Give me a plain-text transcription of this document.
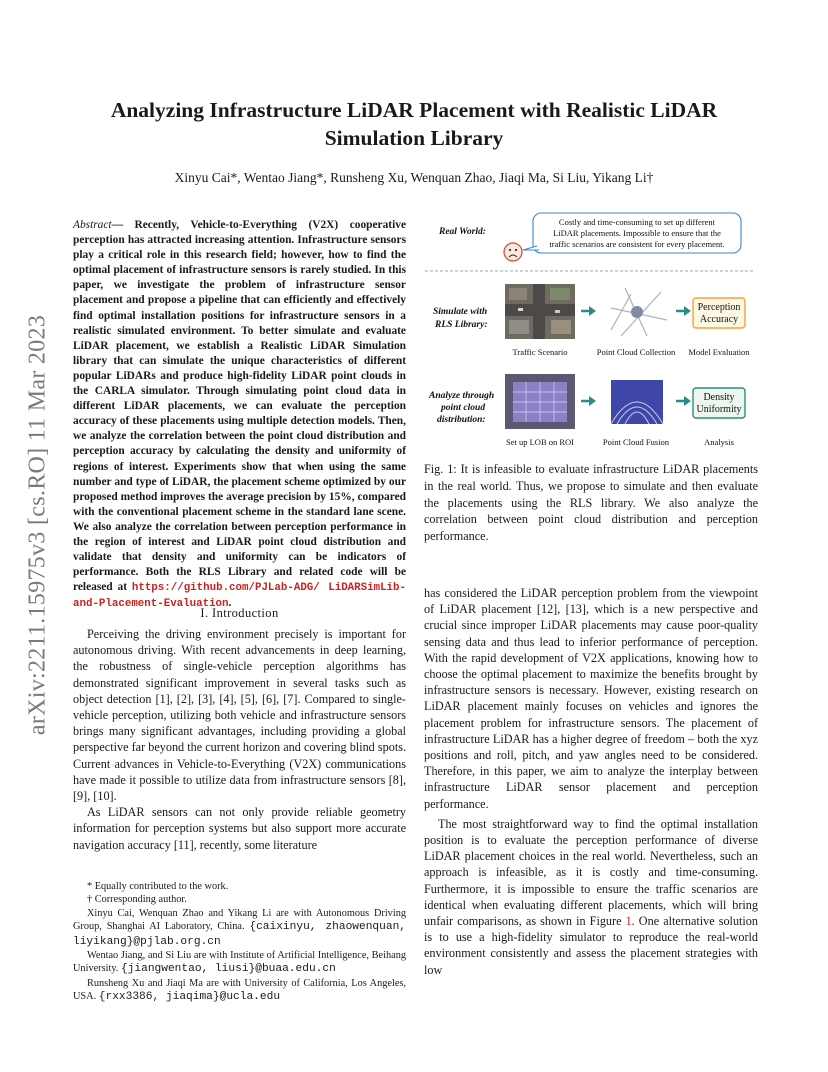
Analyzing Infrastructure LiDAR Placement with Realistic LiDAR Simulation Library
Xinyu Cai*, Wentao Jiang*, Runsheng Xu, Wenquan Zhao, Jiaqi Ma, Si Liu, Yikang Li†
arXiv:2211.15975v3 [cs.RO] 11 Mar 2023
Abstract— Recently, Vehicle-to-Everything (V2X) cooperative perception has attracted increasing attention. Infrastructure sensors play a critical role in this research field; however, how to find the optimal placement of infrastructure sensors is rarely studied. In this paper, we investigate the problem of infrastructure sensor placement and propose a pipeline that can efficiently and effectively find optimal installation positions for infrastructure sensors in a realistic simulated environment. To better simulate and evaluate LiDAR placement, we establish a Realistic LiDAR Simulation library that can simulate the unique characteristics of different popular LiDARs and produce high-fidelity LiDAR point clouds in the CARLA simulator. Through simulating point cloud data in different LiDAR placements, we can evaluate the perception accuracy of these placements using multiple detection models. Then, we analyze the correlation between the point cloud distribution and perception accuracy by calculating the density and uniformity of regions of interest. Experiments show that when using the same number and type of LiDAR, the placement scheme optimized by our proposed method improves the average precision by 15%, compared with the conventional placement scheme in the standard lane scene. We also analyze the correlation between perception performance in the region of interest and LiDAR point cloud distribution and validate that density and uniformity can be indicators of performance. Both the RLS Library and related code will be released at https://github.com/PJLab-ADG/ LiDARSimLib-and-Placement-Evaluation.
I. Introduction

Perceiving the driving environment precisely is important for autonomous driving. With recent advancements in deep learning, the robustness of single-vehicle perception algorithms has demonstrated significant improvement in several tasks such as object detection [1], [2], [3], [4], [5], [6], [7]. Compared to single-vehicle perception, utilizing both vehicle and infrastructure sensors brings many significant advantages, including providing a global perspective far beyond the current horizon and covering blind spots. Current advances in Vehicle-to-Everything (V2X) communications have made it possible to utilize data from infrastructure sensors [8], [9], [10].

As LiDAR sensors can not only provide reliable geometry information for perception systems but also support more accurate navigation accuracy [11], recently, some literature

* Equally contributed to the work.

† Corresponding author.

Xinyu Cai, Wenquan Zhao and Yikang Li are with Autonomous Driving Group, Shanghai AI Laboratory, China. {caixinyu, zhaowenquan, liyikang}@pjlab.org.cn

Wentao Jiang, and Si Liu are with Institute of Artificial Intelligence, Beihang University. {jiangwentao, liusi}@buaa.edu.cn

Runsheng Xu and Jiaqi Ma are with University of California, Los Angeles, USA. {rxx3386, jiaqima}@ucla.edu

Real World:
Costly and time-consuming to set up different
LiDAR placements. Impossible to ensure that the
traffic scenarios are consistent for every placement.
Simulate with
RLS Library:
Perception
Accuracy
Traffic Scenario	Point Cloud Collection Model Evaluation
Analyze through
point cloud
distribution:
Density
Uniformity
Set up LOB on ROI	Point Cloud Fusion	Analysis
Fig. 1: It is infeasible to evaluate infrastructure LiDAR placements in the real world. Thus, we propose to simulate and then evaluate the placements using the RLS library. We also analyze the correlation between point cloud distribution and perception performance.

has considered the LiDAR perception problem from the viewpoint of LiDAR placement [12], [13], which is a new perspective and crucial since improper LiDAR placements may cause poor-quality sensing data and thus lead to inferior performance of perception. With the rapid development of V2X applications, knowing how to choose the optimal placement to maximize the benefits brought by infrastructure sensors is necessary. However, existing research on LiDAR placement mainly focuses on vehicles and ignores the placement problem for infrastructure sensors. The placement of infrastructure LiDAR has a higher degree of freedom – both the xyz positions and roll, pitch, and yaw angles need to be considered. Therefore, in this paper, we aim to analyze the interplay between infrastructure LiDAR sensor placement and perception performance.

The most straightforward way to find the optimal installation position is to evaluate the perception performance of diverse LiDAR placement choices in the real world. Nevertheless, such an approach is infeasible, as it is costly and time-consuming. Furthermore, it is impossible to ensure the traffic scenarios are identical when evaluating different placements, which will bring unfair comparisons, as shown in Figure 1. One alternative solution is to use a high-fidelity simulator to reproduce the real-world environment consistently and assess the placement strategies with low
